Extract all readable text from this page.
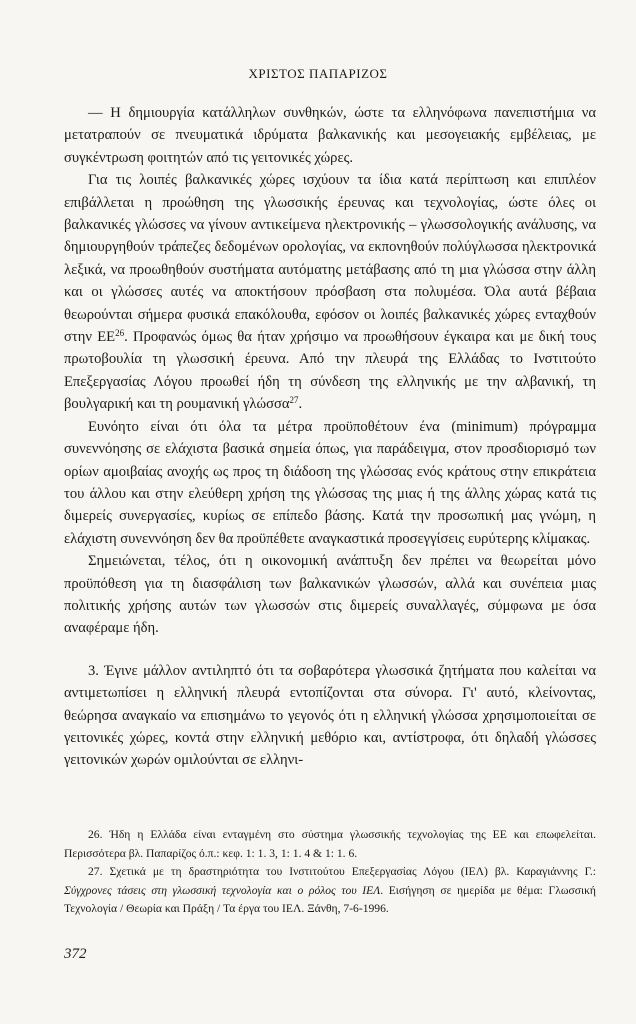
ΧΡΙΣΤΟΣ ΠΑΠΑΡΙΖΟΣ

— Η δημιουργία κατάλληλων συνθηκών, ώστε τα ελληνόφωνα πανεπιστήμια να μετατραπούν σε πνευματικά ιδρύματα βαλκανικής και μεσογειακής εμβέλειας, με συγκέντρωση φοιτητών από τις γειτονικές χώρες.

Για τις λοιπές βαλκανικές χώρες ισχύουν τα ίδια κατά περίπτωση και επιπλέον επιβάλλεται η προώθηση της γλωσσικής έρευνας και τεχνολογίας, ώστε όλες οι βαλκανικές γλώσσες να γίνουν αντικείμενα ηλεκτρονικής – γλωσσολογικής ανάλυσης, να δημιουργηθούν τράπεζες δεδομένων ορολογίας, να εκπονηθούν πολύγλωσσα ηλεκτρονικά λεξικά, να προωθηθούν συστήματα αυτόματης μετάβασης από τη μια γλώσσα στην άλλη και οι γλώσσες αυτές να αποκτήσουν πρόσβαση στα πολυμέσα. Όλα αυτά βέβαια θεωρούνται σήμερα φυσικά επακόλουθα, εφόσον οι λοιπές βαλκανικές χώρες ενταχθούν στην ΕΕ$^{26}$. Προφανώς όμως θα ήταν χρήσιμο να προωθήσουν έγκαιρα και με δική τους πρωτοβουλία τη γλωσσική έρευνα. Από την πλευρά της Ελλάδας το Ινστιτούτο Επεξεργασίας Λόγου προωθεί ήδη τη σύνδεση της ελληνικής με την αλβανική, τη βουλγαρική και τη ρουμανική γλώσσα$^{27}$.

Ευνόητο είναι ότι όλα τα μέτρα προϋποθέτουν ένα (minimum) πρόγραμμα συνεννόησης σε ελάχιστα βασικά σημεία όπως, για παράδειγμα, στον προσδιορισμό των ορίων αμοιβαίας ανοχής ως προς τη διάδοση της γλώσσας ενός κράτους στην επικράτεια του άλλου και στην ελεύθερη χρήση της γλώσσας της μιας ή της άλλης χώρας κατά τις διμερείς συνεργασίες, κυρίως σε επίπεδο βάσης. Κατά την προσωπική μας γνώμη, η ελάχιστη συνεννόηση δεν θα προϋπέθετε αναγκαστικά προσεγγίσεις ευρύτερης κλίμακας.

Σημειώνεται, τέλος, ότι η οικονομική ανάπτυξη δεν πρέπει να θεωρείται μόνο προϋπόθεση για τη διασφάλιση των βαλκανικών γλωσσών, αλλά και συνέπεια μιας πολιτικής χρήσης αυτών των γλωσσών στις διμερείς συναλλαγές, σύμφωνα με όσα αναφέραμε ήδη.

3. Έγινε μάλλον αντιληπτό ότι τα σοβαρότερα γλωσσικά ζητήματα που καλείται να αντιμετωπίσει η ελληνική πλευρά εντοπίζονται στα σύνορα. Γι' αυτό, κλείνοντας, θεώρησα αναγκαίο να επισημάνω το γεγονός ότι η ελληνική γλώσσα χρησιμοποιείται σε γειτονικές χώρες, κοντά στην ελληνική μεθόριο και, αντίστροφα, ότι δηλαδή γλώσσες γειτονικών χωρών ομιλούνται σε ελληνι-

26. Ήδη η Ελλάδα είναι ενταγμένη στο σύστημα γλωσσικής τεχνολογίας της ΕΕ και επωφελείται. Περισσότερα βλ. Παπαρίζος ό.π.: κεφ. 1: 1. 3, 1: 1. 4 & 1: 1. 6.

27. Σχετικά με τη δραστηριότητα του Ινστιτούτου Επεξεργασίας Λόγου (ΙΕΛ) βλ. Καραγιάννης Γ.: Σύγχρονες τάσεις στη γλωσσική τεχνολογία και ο ρόλος του ΙΕΛ. Εισήγηση σε ημερίδα με θέμα: Γλωσσική Τεχνολογία / Θεωρία και Πράξη / Τα έργα του ΙΕΛ. Ξάνθη, 7-6-1996.

372
